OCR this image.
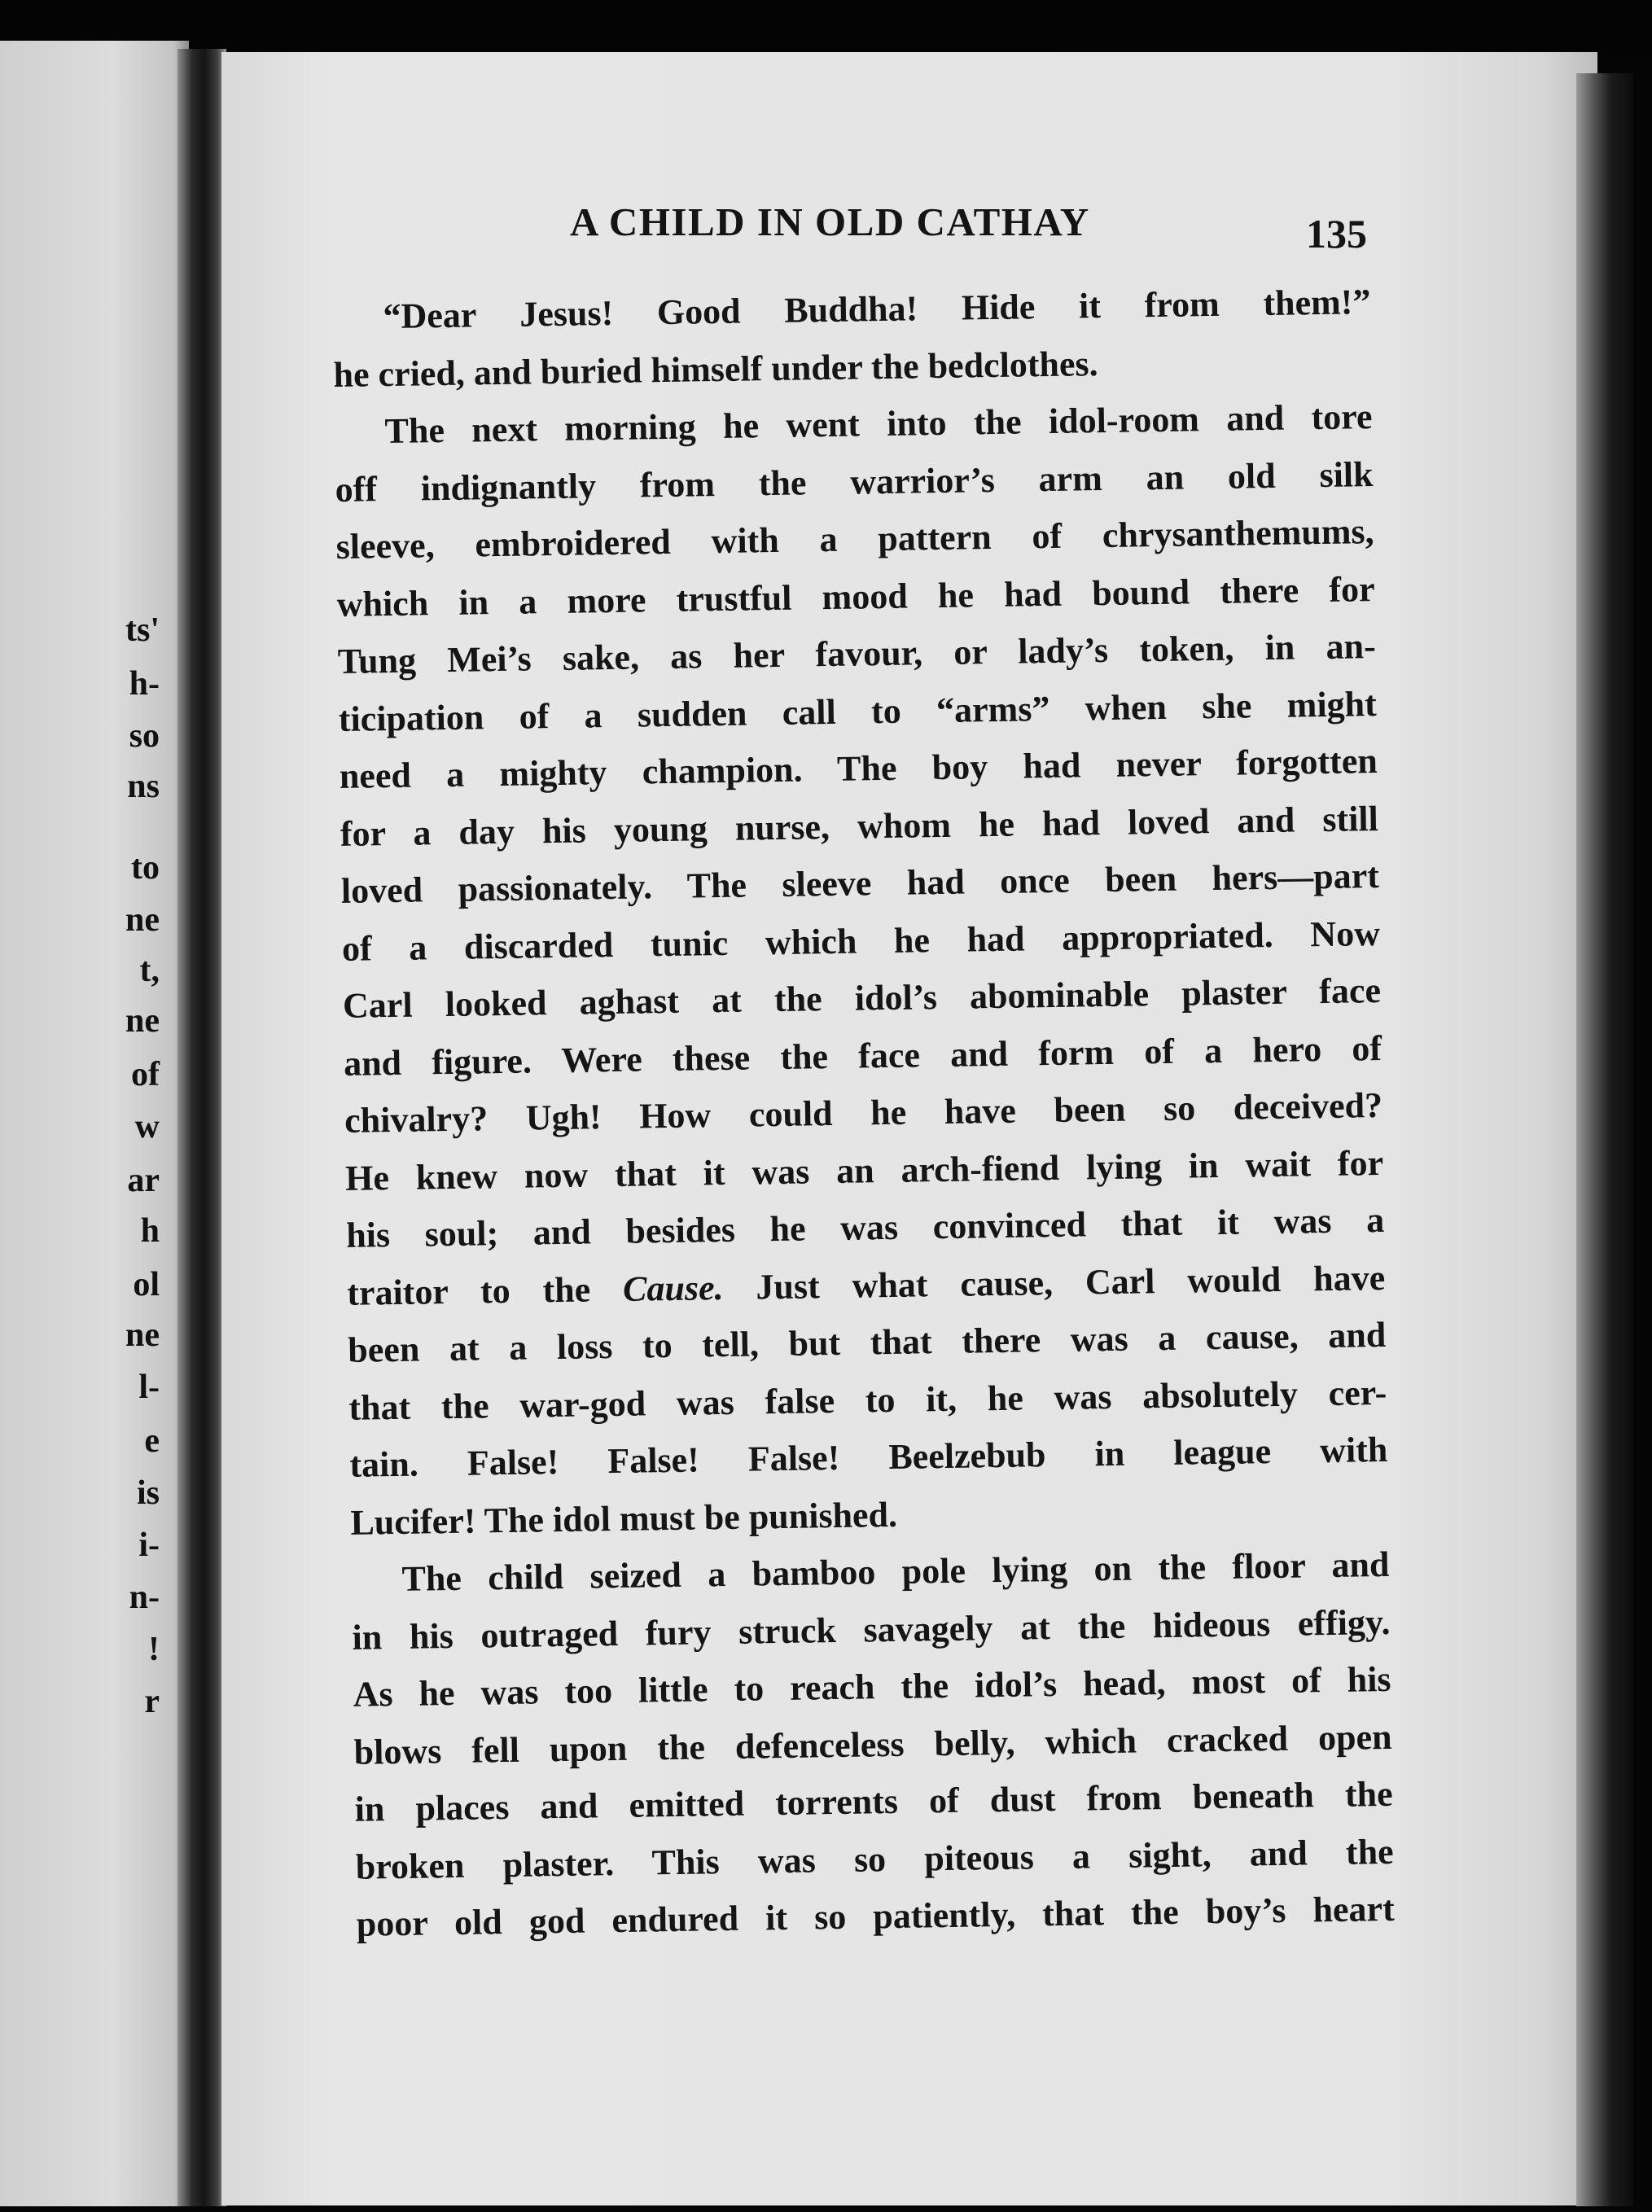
ts'
h-
so
ns
to
ne
t,
ne
of
w
ar
h
ol
ne
l-
e
is
i-
n-
!
r
A CHILD IN OLD CATHAY	135
“Dear Jesus! Good Buddha! Hide it from them!”
he cried, and buried himself under the bedclothes.
The next morning he went into the idol-room and tore
off indignantly from the warrior’s arm an old silk
sleeve, embroidered with a pattern of chrysanthemums,
which in a more trustful mood he had bound there for
Tung Mei’s sake, as her favour, or lady’s token, in an-
ticipation of a sudden call to “arms” when she might
need a mighty champion. The boy had never forgotten
for a day his young nurse, whom he had loved and still
loved passionately. The sleeve had once been hers—part
of a discarded tunic which he had appropriated. Now
Carl looked aghast at the idol’s abominable plaster face
and figure. Were these the face and form of a hero of
chivalry? Ugh! How could he have been so deceived?
He knew now that it was an arch-fiend lying in wait for
his soul; and besides he was convinced that it was a
traitor to the Cause. Just what cause, Carl would have
been at a loss to tell, but that there was a cause, and
that the war-god was false to it, he was absolutely cer-
tain. False! False! False! Beelzebub in league with
Lucifer! The idol must be punished.
The child seized a bamboo pole lying on the floor and
in his outraged fury struck savagely at the hideous effigy.
As he was too little to reach the idol’s head, most of his
blows fell upon the defenceless belly, which cracked open
in places and emitted torrents of dust from beneath the
broken plaster. This was so piteous a sight, and the
poor old god endured it so patiently, that the boy’s heart
